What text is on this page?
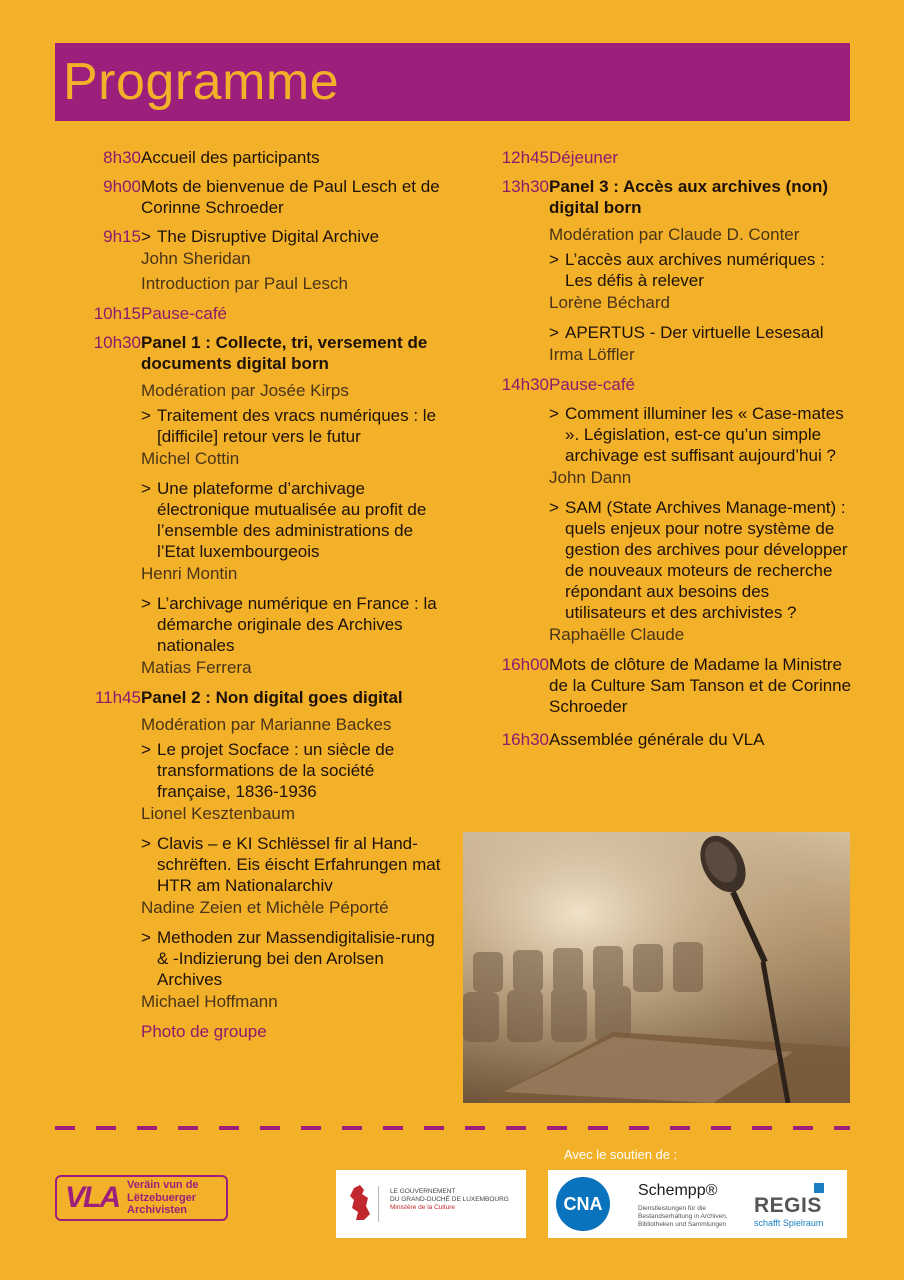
Programme
8h30 Accueil des participants
9h00 Mots de bienvenue de Paul Lesch et de Corinne Schroeder
9h15 > The Disruptive Digital Archive
John Sheridan
Introduction par Paul Lesch
10h15 Pause-café
10h30 Panel 1 : Collecte, tri, versement de documents digital born
Modération par Josée Kirps
> Traitement des vracs numériques : le [difficile] retour vers le futur
Michel Cottin
> Une plateforme d’archivage électronique mutualisée au profit de l’ensemble des administrations de l’Etat luxembourgeois
Henri Montin
> L’archivage numérique en France : la démarche originale des Archives nationales
Matias Ferrera
11h45 Panel 2 : Non digital goes digital
Modération par Marianne Backes
> Le projet Socface : un siècle de transformations de la société française, 1836-1936
Lionel Kesztenbaum
> Clavis – e KI Schlëssel fir al Hand-schrëften. Eis éischt Erfahrungen mat HTR am Nationalarchiv
Nadine Zeien et Michèle Péporté
> Methoden zur Massendigitalisie-rung & -Indizierung bei den Arolsen Archives
Michael Hoffmann
Photo de groupe
12h45 Déjeuner
13h30 Panel 3 : Accès aux archives (non) digital born
Modération par Claude D. Conter
> L’accès aux archives numériques : Les défis à relever
Lorène Béchard
> APERTUS - Der virtuelle Lesesaal
Irma Löffler
14h30 Pause-café
> Comment illuminer les « Case-mates ». Législation, est-ce qu’un simple archivage est suffisant aujourd’hui ?
John Dann
> SAM (State Archives Manage-ment) : quels enjeux pour notre système de gestion des archives pour développer de nouveaux moteurs de recherche répondant aux besoins des utilisateurs et des archivistes ?
Raphaëlle Claude
16h00 Mots de clôture de Madame la Ministre de la Culture Sam Tanson et de Corinne Schroeder
16h30 Assemblée générale du VLA
Avec le soutien de :
VLA Veräin vun de
Lëtzebuerger
Archivisten
LE GOUVERNEMENT
DU GRAND-DUCHÉ DE LUXEMBOURG
Ministère de la Culture	CNA
Schempp®
Dienstleistungen für die Bestandserhaltung in Archiven, Bibliotheken und Sammlungen
REGIS
schafft Spielraum
